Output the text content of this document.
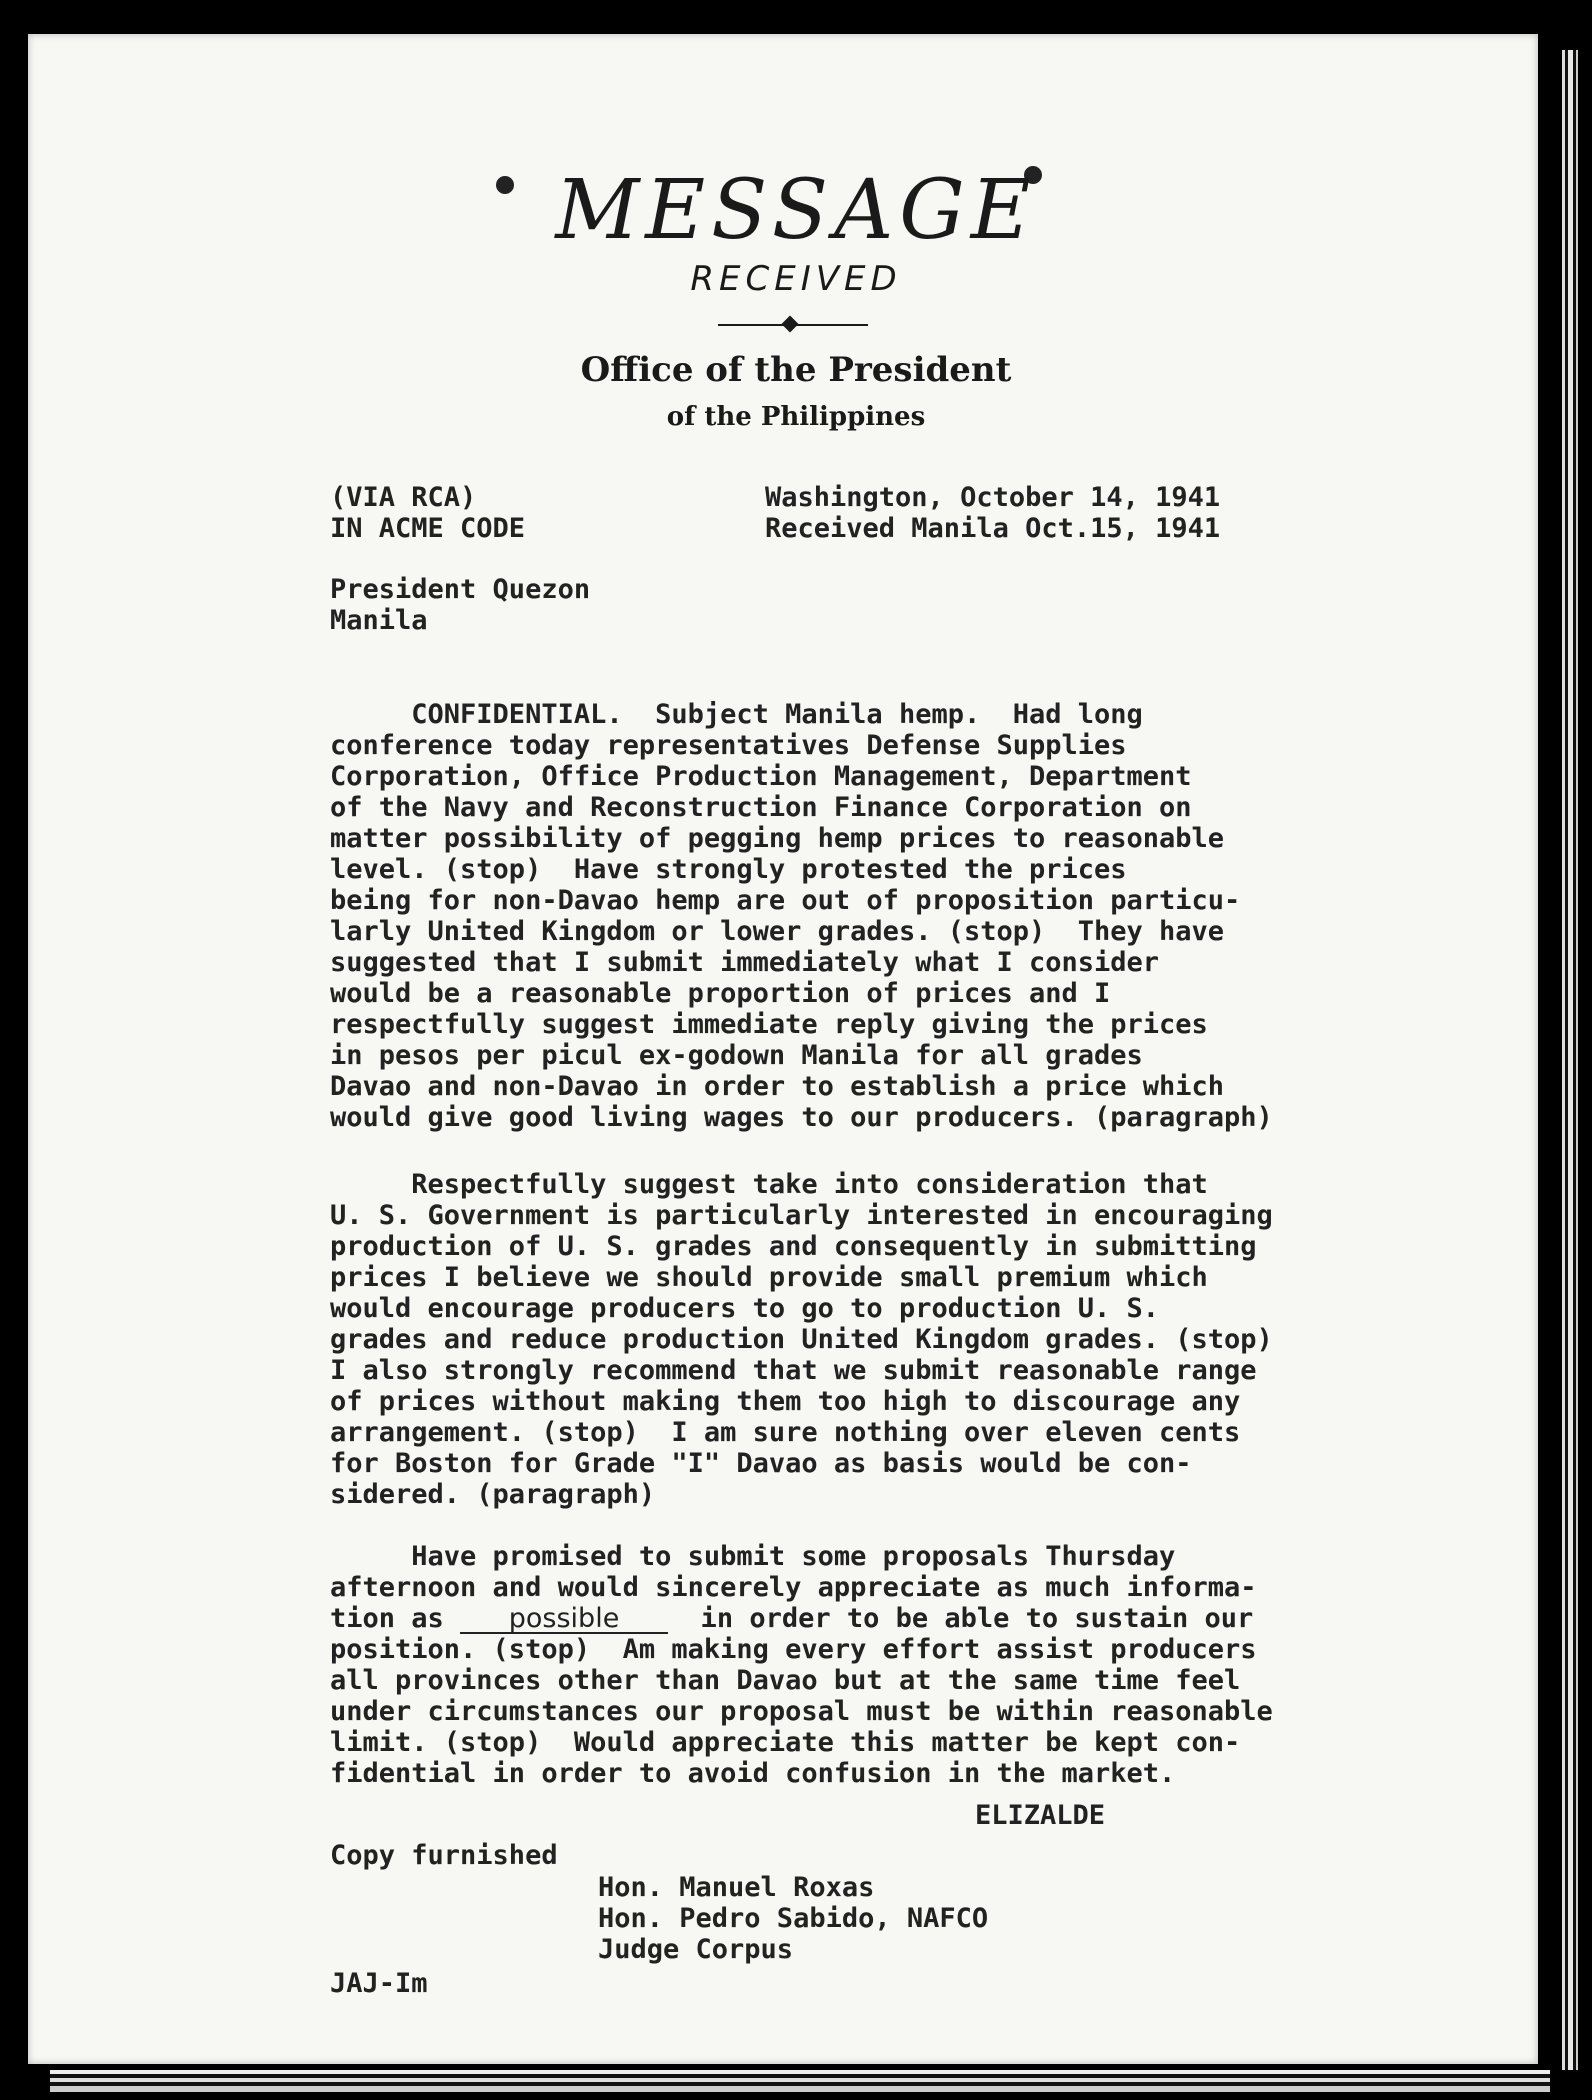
MESSAGE
RECEIVED
Office of the President
of the Philippines
(VIA RCA)
IN ACME CODE
Washington, October 14, 1941
Received Manila Oct.15, 1941
President Quezon
Manila

CONFIDENTIAL.  Subject Manila hemp.  Had long
conference today representatives Defense Supplies
Corporation, Office Production Management, Department
of the Navy and Reconstruction Finance Corporation on
matter possibility of pegging hemp prices to reasonable
level. (stop)  Have strongly protested the prices
being for non-Davao hemp are out of proposition particu-
larly United Kingdom or lower grades. (stop)  They have
suggested that I submit immediately what I consider
would be a reasonable proportion of prices and I
respectfully suggest immediate reply giving the prices
in pesos per picul ex-godown Manila for all grades
Davao and non-Davao in order to establish a price which
would give good living wages to our producers. (paragraph)

Respectfully suggest take into consideration that
U. S. Government is particularly interested in encouraging
production of U. S. grades and consequently in submitting
prices I believe we should provide small premium which
would encourage producers to go to production U. S.
grades and reduce production United Kingdom grades. (stop)
I also strongly recommend that we submit reasonable range
of prices without making them too high to discourage any
arrangement. (stop)  I am sure nothing over eleven cents
for Boston for Grade "I" Davao as basis would be con-
sidered. (paragraph)

Have promised to submit some proposals Thursday
afternoon and would sincerely appreciate as much informa-
tion as possible  in order to be able to sustain our
position. (stop)  Am making every effort assist producers
all provinces other than Davao but at the same time feel
under circumstances our proposal must be within reasonable
limit. (stop)  Would appreciate this matter be kept con-
fidential in order to avoid confusion in the market.

ELIZALDE
Copy furnished
Hon. Manuel Roxas
Hon. Pedro Sabido, NAFCO
Judge Corpus
JAJ-Im
